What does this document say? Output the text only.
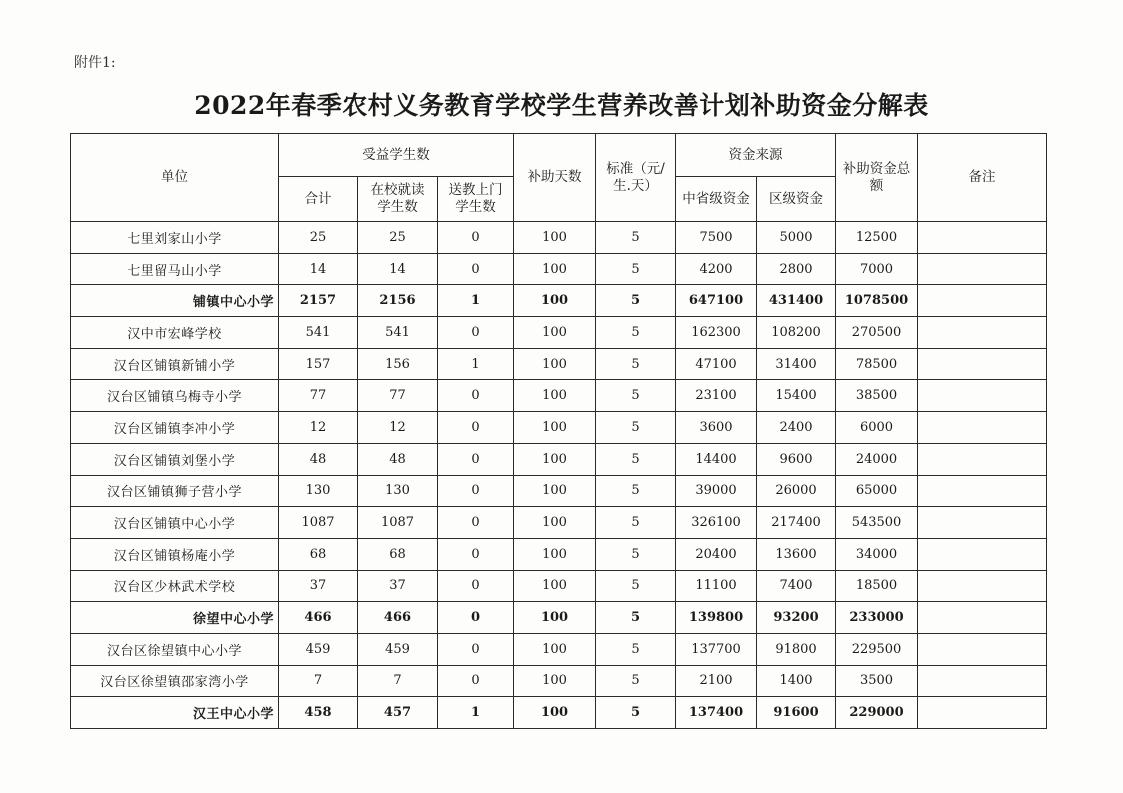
附件1:
2022年春季农村义务教育学校学生营养改善计划补助资金分解表
单位	受益学生数			补助天数	标准（元/生.天）	资金来源		补助资金总额	备注
	合计	在校就读学生数	送教上门学生数			中省级资金	区级资金		
七里刘家山小学	25	25	0	100	5	7500	5000	12500	
七里留马山小学	14	14	0	100	5	4200	2800	7000	
铺镇中心小学	2157	2156	1	100	5	647100	431400	1078500	
汉中市宏峰学校	541	541	0	100	5	162300	108200	270500	
汉台区铺镇新铺小学	157	156	1	100	5	47100	31400	78500	
汉台区铺镇乌梅寺小学	77	77	0	100	5	23100	15400	38500	
汉台区铺镇李冲小学	12	12	0	100	5	3600	2400	6000	
汉台区铺镇刘堡小学	48	48	0	100	5	14400	9600	24000	
汉台区铺镇狮子营小学	130	130	0	100	5	39000	26000	65000	
汉台区铺镇中心小学	1087	1087	0	100	5	326100	217400	543500	
汉台区铺镇杨庵小学	68	68	0	100	5	20400	13600	34000	
汉台区少林武术学校	37	37	0	100	5	11100	7400	18500	
徐望中心小学	466	466	0	100	5	139800	93200	233000	
汉台区徐望镇中心小学	459	459	0	100	5	137700	91800	229500	
汉台区徐望镇邵家湾小学	7	7	0	100	5	2100	1400	3500	
汉王中心小学	458	457	1	100	5	137400	91600	229000	
